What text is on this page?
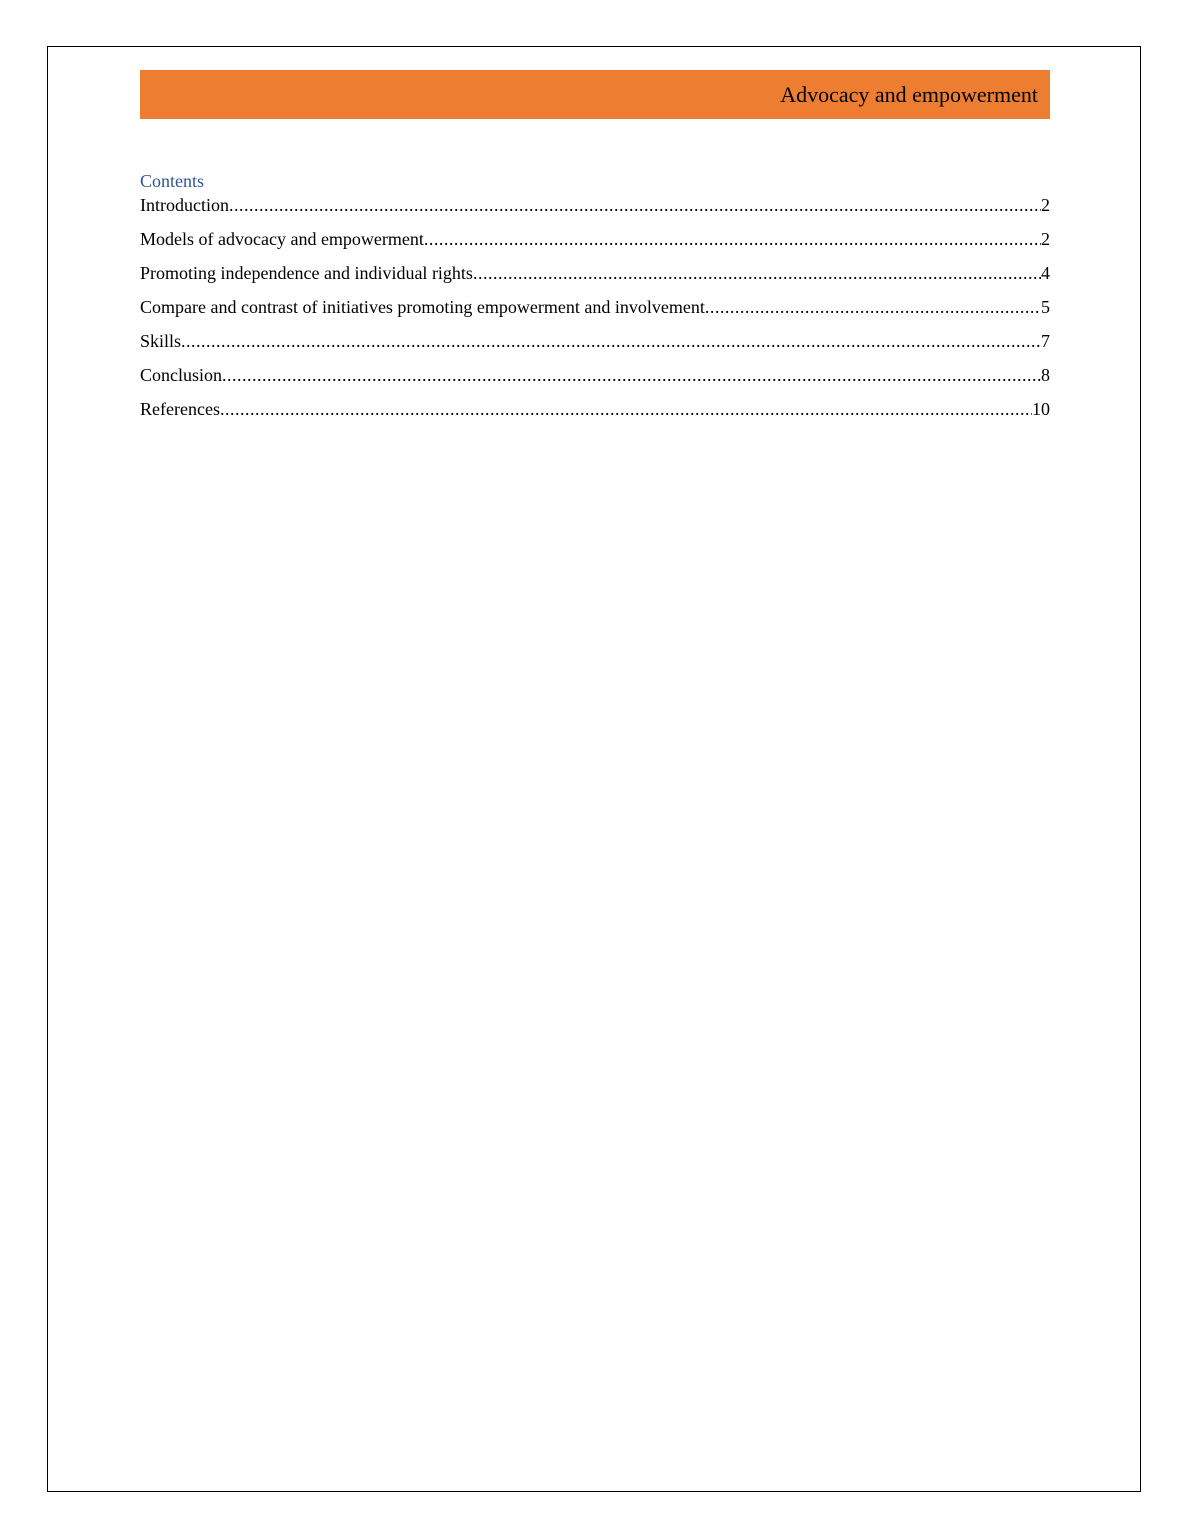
Advocacy and empowerment
Contents
Introduction .....	2
Models of advocacy and empowerment .....	2
Promoting independence and individual rights .....	4
Compare and contrast of initiatives promoting empowerment and involvement .....	5
Skills .....	7
Conclusion .....	8
References .....	10
